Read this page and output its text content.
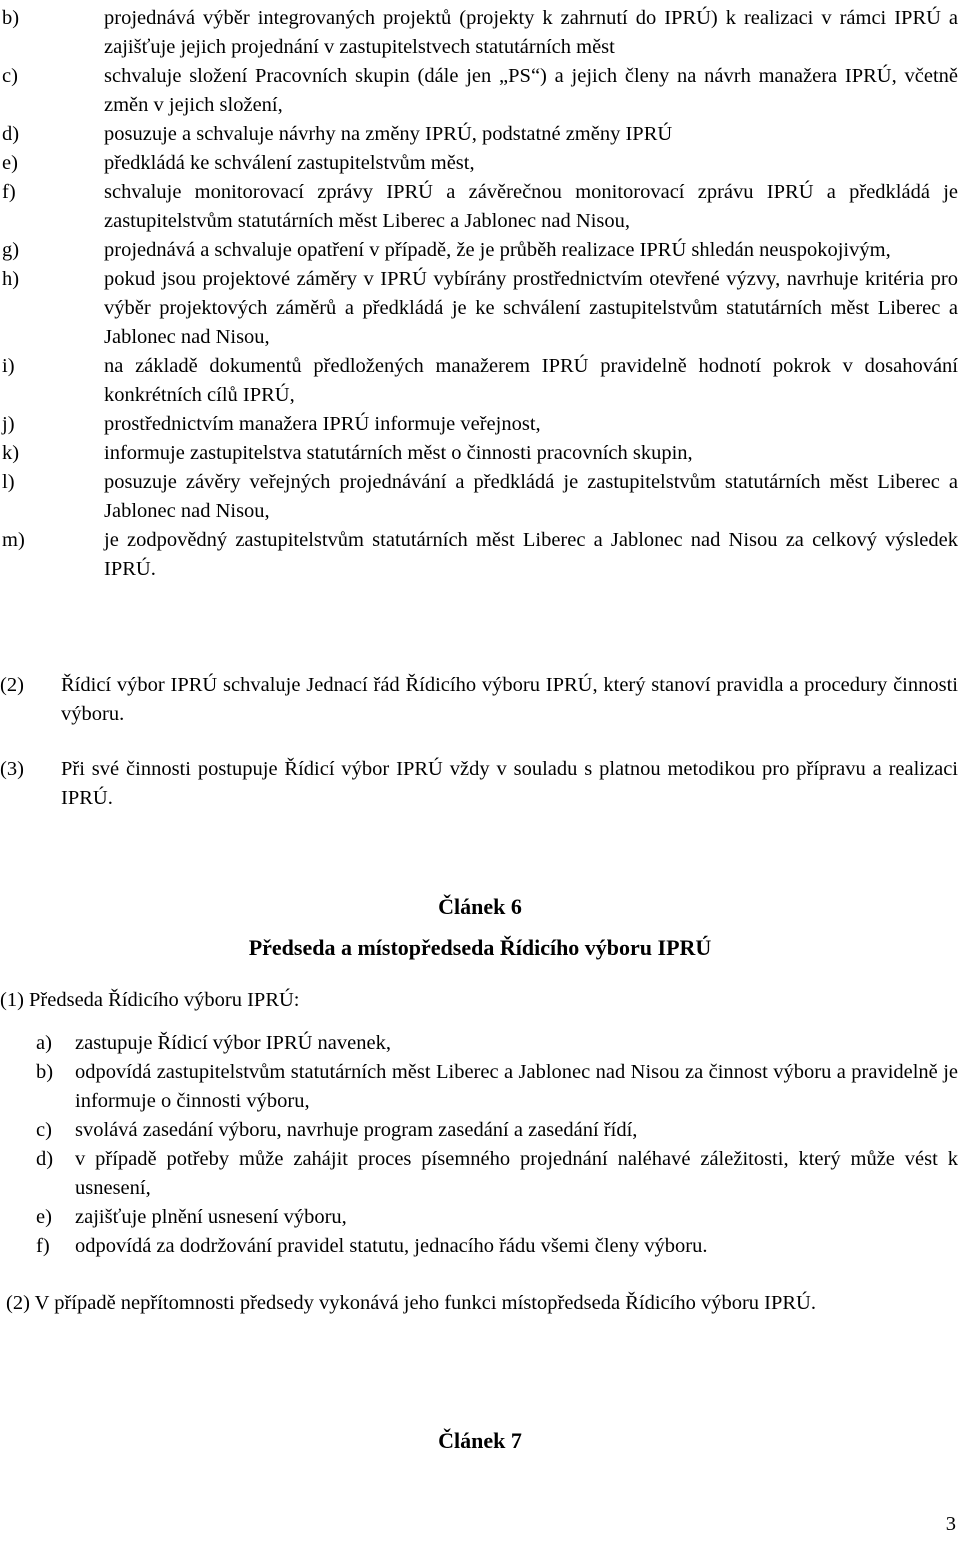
b)	projednává výběr integrovaných projektů (projekty k zahrnutí do IPRÚ) k realizaci v rámci IPRÚ a zajišťuje jejich projednání v zastupitelstvech statutárních měst
c)	schvaluje složení Pracovních skupin (dále jen „PS“) a jejich členy na návrh manažera IPRÚ, včetně změn v jejich složení,
d)	posuzuje a schvaluje návrhy na změny IPRÚ, podstatné změny IPRÚ
e)	předkládá ke schválení zastupitelstvům měst,
f)	schvaluje monitorovací zprávy IPRÚ a závěrečnou monitorovací zprávu IPRÚ a předkládá je zastupitelstvům statutárních měst Liberec a Jablonec nad Nisou,
g)	projednává a schvaluje opatření v případě, že je průběh realizace IPRÚ shledán neuspokojivým,
h)	pokud jsou projektové záměry v IPRÚ vybírány prostřednictvím otevřené výzvy, navrhuje kritéria pro výběr projektových záměrů a předkládá je ke schválení zastupitelstvům statutárních měst Liberec a Jablonec nad Nisou,
i)	na základě dokumentů předložených manažerem IPRÚ pravidelně hodnotí pokrok v dosahování konkrétních cílů IPRÚ,
j)	prostřednictvím manažera IPRÚ informuje veřejnost,
k)	informuje zastupitelstva statutárních měst o činnosti pracovních skupin,
l)	posuzuje závěry veřejných projednávání a předkládá je zastupitelstvům statutárních měst Liberec a Jablonec nad Nisou,
m)	je zodpovědný zastupitelstvům statutárních měst Liberec a Jablonec nad Nisou za celkový výsledek IPRÚ.
(2)	Řídicí výbor IPRÚ schvaluje Jednací řád Řídicího výboru IPRÚ, který stanoví pravidla a procedury činnosti výboru.
(3)	Při své činnosti postupuje Řídicí výbor IPRÚ vždy v souladu s platnou metodikou pro přípravu a realizaci IPRÚ.
Článek 6
Předseda a místopředseda Řídicího výboru IPRÚ
(1) Předseda Řídicího výboru IPRÚ:
a) zastupuje Řídicí výbor IPRÚ navenek,
b) odpovídá zastupitelstvům statutárních měst Liberec a Jablonec nad Nisou za činnost výboru a pravidelně je informuje o činnosti výboru,
c) svolává zasedání výboru, navrhuje program zasedání a zasedání řídí,
d) v případě potřeby může zahájit proces písemného projednání naléhavé záležitosti, který může vést k usnesení,
e) zajišťuje plnění usnesení výboru,
f) odpovídá za dodržování pravidel statutu, jednacího řádu všemi členy výboru.
(2) V případě nepřítomnosti předsedy vykonává jeho funkci místopředseda Řídicího výboru IPRÚ.
Článek 7
3
